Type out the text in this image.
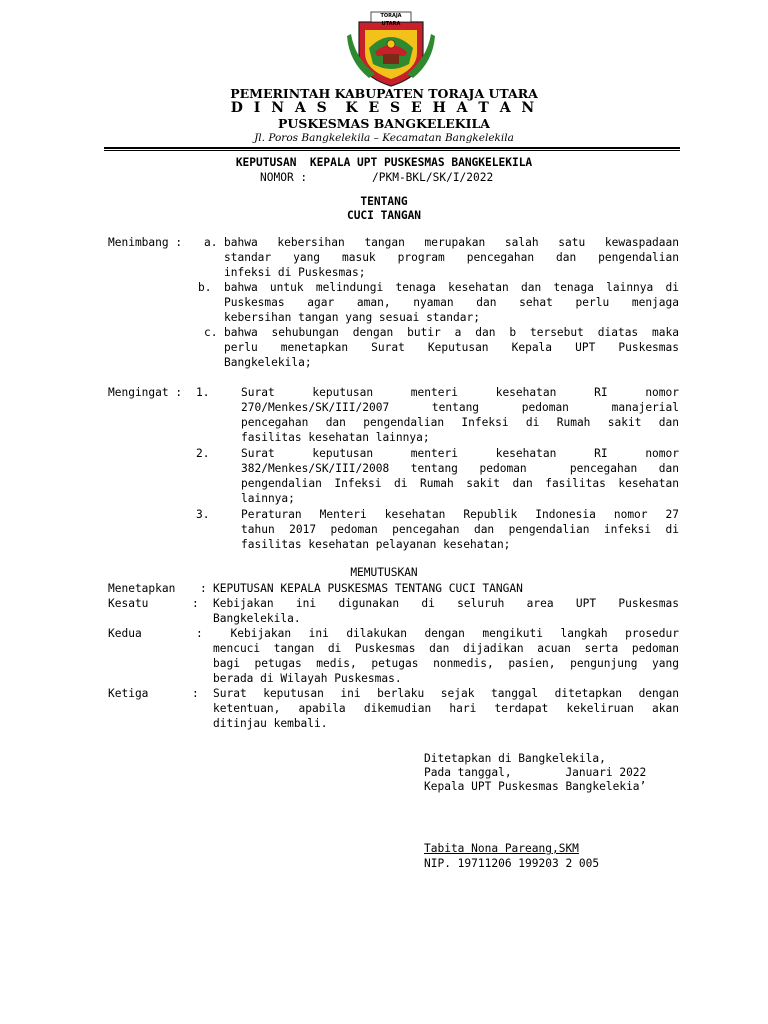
TORAJA UTARA
PEMERINTAH KABUPATEN TORAJA UTARA
D I N A S  K E S E H A T A N
PUSKESMAS BANGKELEKILA
Jl. Poros Bangkelekila – Kecamatan Bangkelekila
KEPUTUSAN  KEPALA UPT PUSKESMAS BANGKELEKILA
NOMOR :	/PKM-BKL/SK/I/2022
TENTANG
CUCI TANGAN
Menimbang : a. bahwa kebersihan tangan merupakan salah satu kewaspadaan
standar yang masuk program pencegahan dan pengendalian
infeksi di Puskesmas;
b. bahwa untuk melindungi tenaga kesehatan dan tenaga lainnya di
Puskesmas agar aman, nyaman dan sehat perlu menjaga
kebersihan tangan yang sesuai standar;
c. bahwa sehubungan dengan butir a dan b tersebut diatas maka
perlu menetapkan Surat Keputusan Kepala UPT Puskesmas
Bangkelekila;
Mengingat : 1.	Surat keputusan menteri kesehatan RI nomor
270/Menkes/SK/III/2007 tentang pedoman manajerial
pencegahan dan pengendalian Infeksi di Rumah sakit dan
fasilitas kesehatan lainnya;
2.	Surat keputusan menteri kesehatan RI nomor
382/Menkes/SK/III/2008 tentang pedoman  pencegahan dan
pengendalian Infeksi di Rumah sakit dan fasilitas kesehatan
lainnya;
3.	Peraturan Menteri kesehatan Republik Indonesia nomor 27
tahun 2017 pedoman pencegahan dan pengendalian infeksi di
fasilitas kesehatan pelayanan kesehatan;
MEMUTUSKAN
Menetapkan : KEPUTUSAN KEPALA PUSKESMAS TENTANG CUCI TANGAN
Kesatu	: Kebijakan ini digunakan di seluruh area UPT Puskesmas
Bangkelekila.
Kedua	: Kebijakan ini dilakukan dengan mengikuti langkah prosedur
mencuci tangan di Puskesmas dan dijadikan acuan serta pedoman
bagi petugas medis, petugas nonmedis, pasien, pengunjung yang
berada di Wilayah Puskesmas.
Ketiga	: Surat keputusan ini berlaku sejak tanggal ditetapkan dengan
ketentuan, apabila dikemudian hari terdapat kekeliruan akan
ditinjau kembali.
Ditetapkan di Bangkelekila,
Pada tanggal,        Januari 2022
Kepala UPT Puskesmas Bangkelekia’
Tabita Nona Pareang,SKM
NIP. 19711206 199203 2 005
